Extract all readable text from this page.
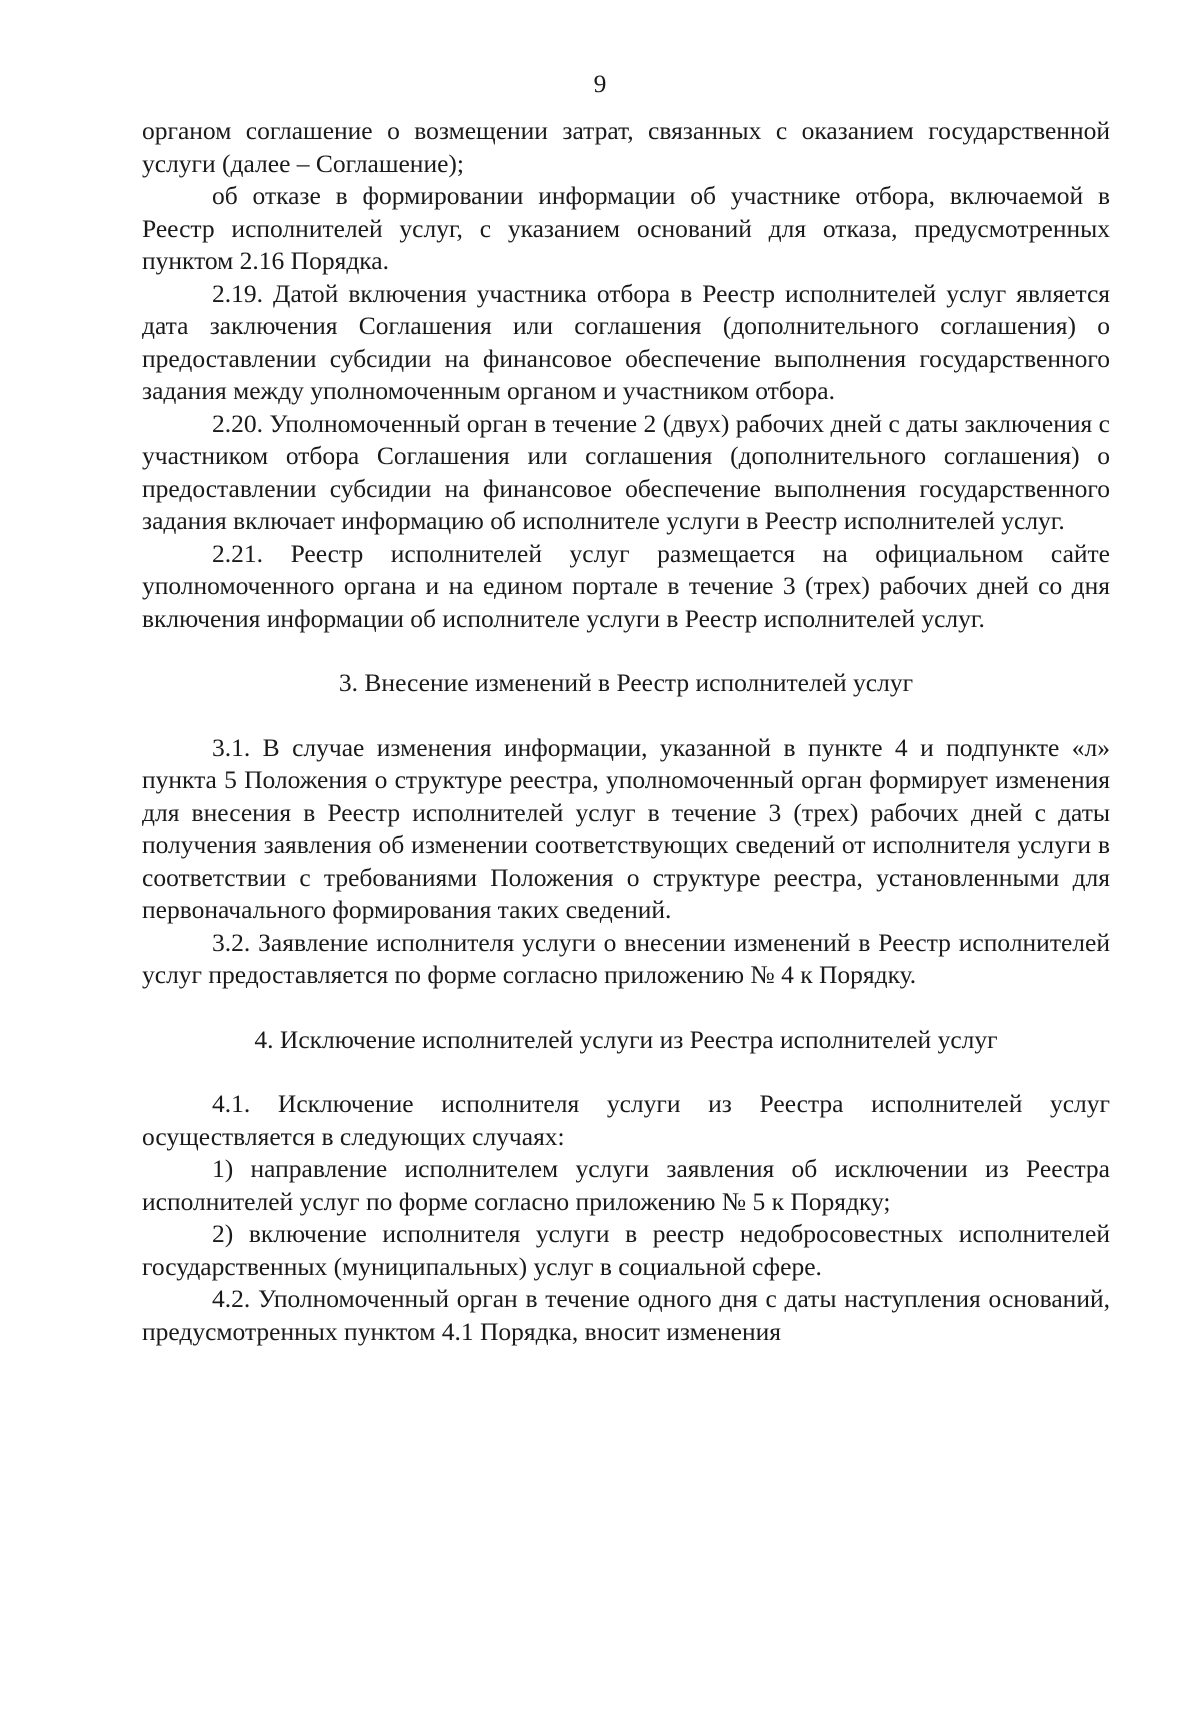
9

органом соглашение о возмещении затрат, связанных с оказанием государственной услуги (далее – Соглашение);

об отказе в формировании информации об участнике отбора, включаемой в Реестр исполнителей услуг, с указанием оснований для отказа, предусмотренных пунктом 2.16 Порядка.

2.19. Датой включения участника отбора в Реестр исполнителей услуг является дата заключения Соглашения или соглашения (дополнительного соглашения) о предоставлении субсидии на финансовое обеспечение выполнения государственного задания между уполномоченным органом и участником отбора.

2.20. Уполномоченный орган в течение 2 (двух) рабочих дней с даты заключения с участником отбора Соглашения или соглашения (дополнительного соглашения) о предоставлении субсидии на финансовое обеспечение выполнения государственного задания включает информацию об исполнителе услуги в Реестр исполнителей услуг.

2.21. Реестр исполнителей услуг размещается на официальном сайте уполномоченного органа и на едином портале в течение 3 (трех) рабочих дней со дня включения информации об исполнителе услуги в Реестр исполнителей услуг.

3. Внесение изменений в Реестр исполнителей услуг

3.1. В случае изменения информации, указанной в пункте 4 и подпункте «л» пункта 5 Положения о структуре реестра, уполномоченный орган формирует изменения для внесения в Реестр исполнителей услуг в течение 3 (трех) рабочих дней с даты получения заявления об изменении соответствующих сведений от исполнителя услуги в соответствии с требованиями Положения о структуре реестра, установленными для первоначального формирования таких сведений.

3.2. Заявление исполнителя услуги о внесении изменений в Реестр исполнителей услуг предоставляется по форме согласно приложению № 4 к Порядку.

4. Исключение исполнителей услуги из Реестра исполнителей услуг

4.1. Исключение исполнителя услуги из Реестра исполнителей услуг осуществляется в следующих случаях:

1) направление исполнителем услуги заявления об исключении из Реестра исполнителей услуг по форме согласно приложению № 5 к Порядку;

2) включение исполнителя услуги в реестр недобросовестных исполнителей государственных (муниципальных) услуг в социальной сфере.

4.2. Уполномоченный орган в течение одного дня с даты наступления оснований, предусмотренных пунктом 4.1 Порядка, вносит изменения
